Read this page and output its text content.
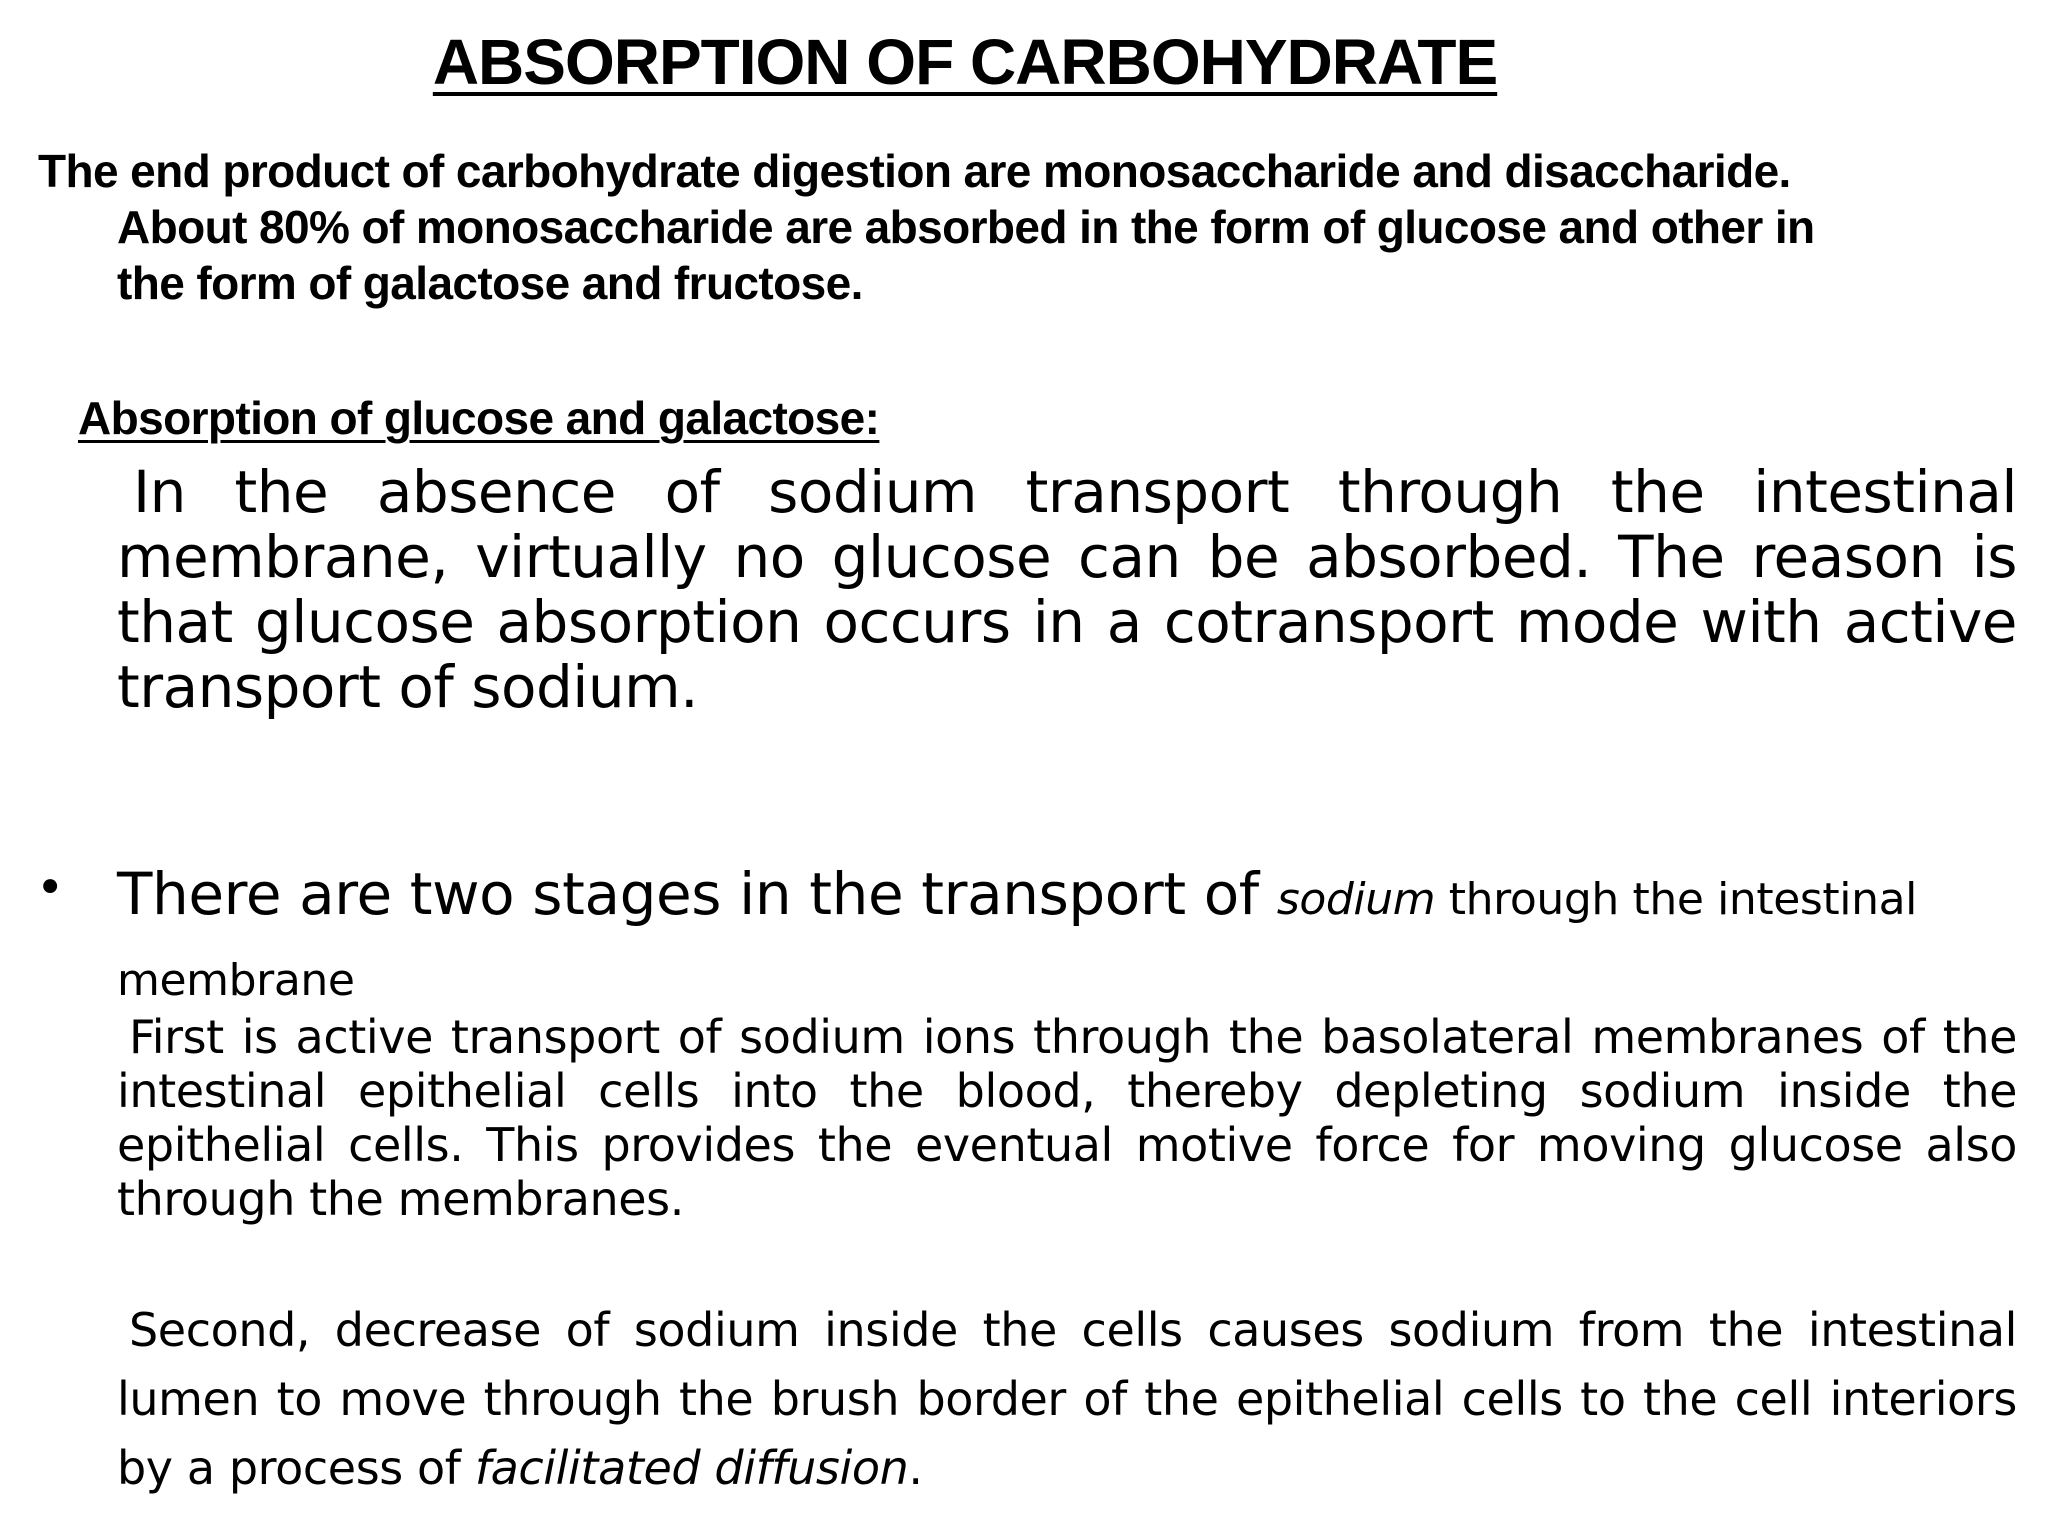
ABSORPTION OF CARBOHYDRATE
The end product of carbohydrate digestion are monosaccharide and disaccharide.
About 80% of monosaccharide are absorbed in the form of glucose and other in
the form of galactose and fructose.
Absorption of glucose and galactose:
In the absence of sodium transport through the intestinal membrane, virtually no glucose can be absorbed. The reason is that glucose absorption occurs in a cotransport mode with active transport of sodium.
• There are two stages in the transport of sodium through the intestinal membrane
First is active transport of sodium ions through the basolateral membranes of the intestinal epithelial cells into the blood, thereby depleting sodium inside the epithelial cells. This provides the eventual motive force for moving glucose also through the membranes.
Second, decrease of sodium inside the cells causes sodium from the intestinal lumen to move through the brush border of the epithelial cells to the cell interiors by a process of facilitated diffusion.
